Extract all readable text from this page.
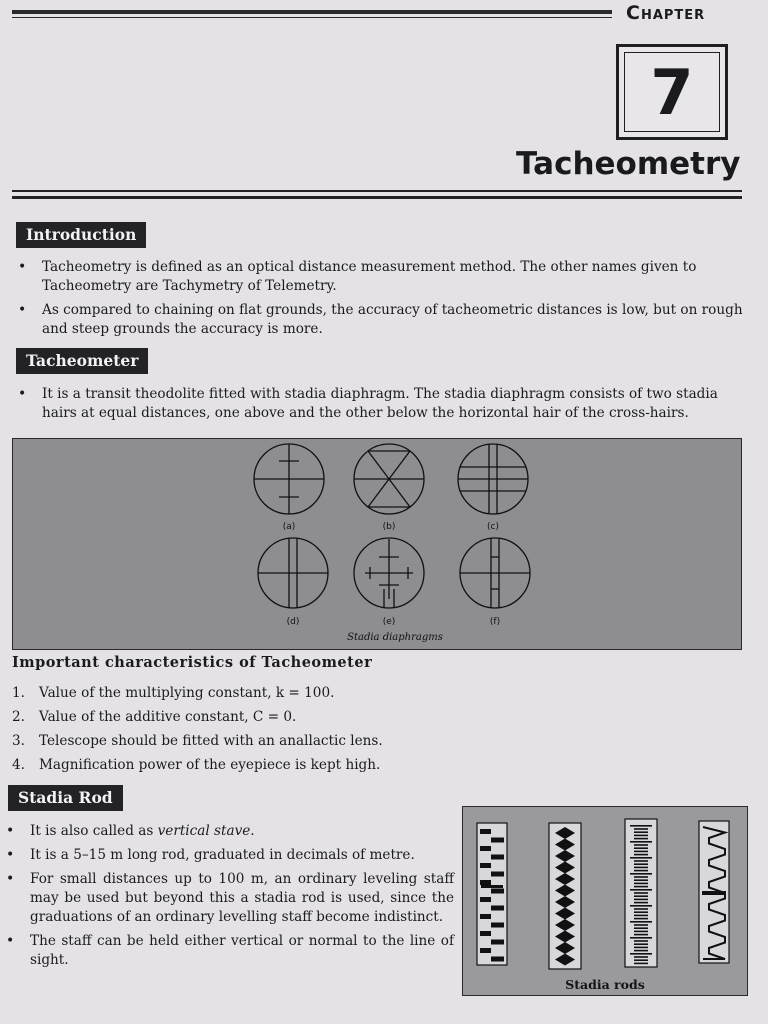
Chapter
7
Tacheometry
Introduction
• Tacheometry is defined as an optical distance measurement method. The other names given to Tacheometry are Tachymetry of Telemetry.
• As compared to chaining on flat grounds, the accuracy of tacheometric distances is low, but on rough and steep grounds the accuracy is more.
Tacheometer
• It is a transit theodolite fitted with stadia diaphragm. The stadia diaphragm consists of two stadia hairs at equal distances, one above and the other below the horizontal hair of the cross-hairs.
(a)	(b)	(c)
(d)	(e)	(f)
Stadia diaphragms
Important characteristics of Tacheometer
1. Value of the multiplying constant, k = 100.
2. Value of the additive constant, C = 0.
3. Telescope should be fitted with an anallactic lens.
4. Magnification power of the eyepiece is kept high.
Stadia Rod
• It is also called as vertical stave.
• It is a 5–15 m long rod, graduated in decimals of metre.
• For small distances up to 100 m, an ordinary leveling staff may be used but beyond this a stadia rod is used, since the graduations of an ordinary levelling staff become indistinct.
• The staff can be held either vertical or normal to the line of sight.
Stadia rods
